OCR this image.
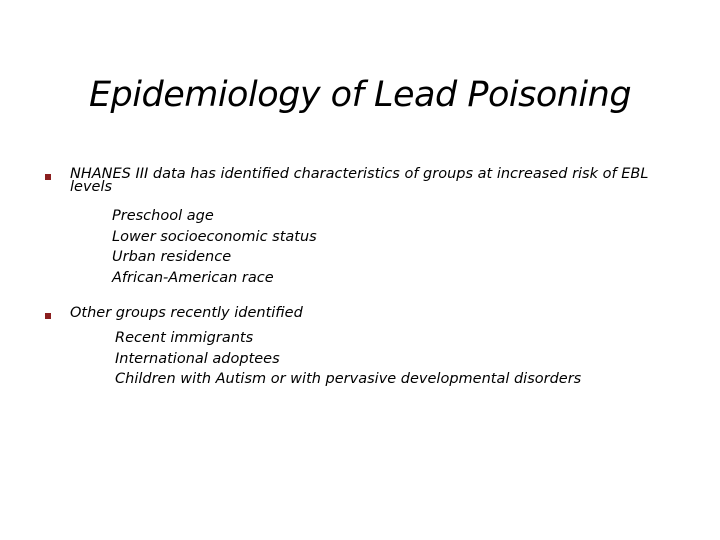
Epidemiology of Lead Poisoning
NHANES III data has identified characteristics of groups at increased risk of EBL levels
Preschool age
Lower socioeconomic status
Urban residence
African-American race
Other groups recently identified
Recent immigrants
International adoptees
Children with Autism or with pervasive developmental disorders
